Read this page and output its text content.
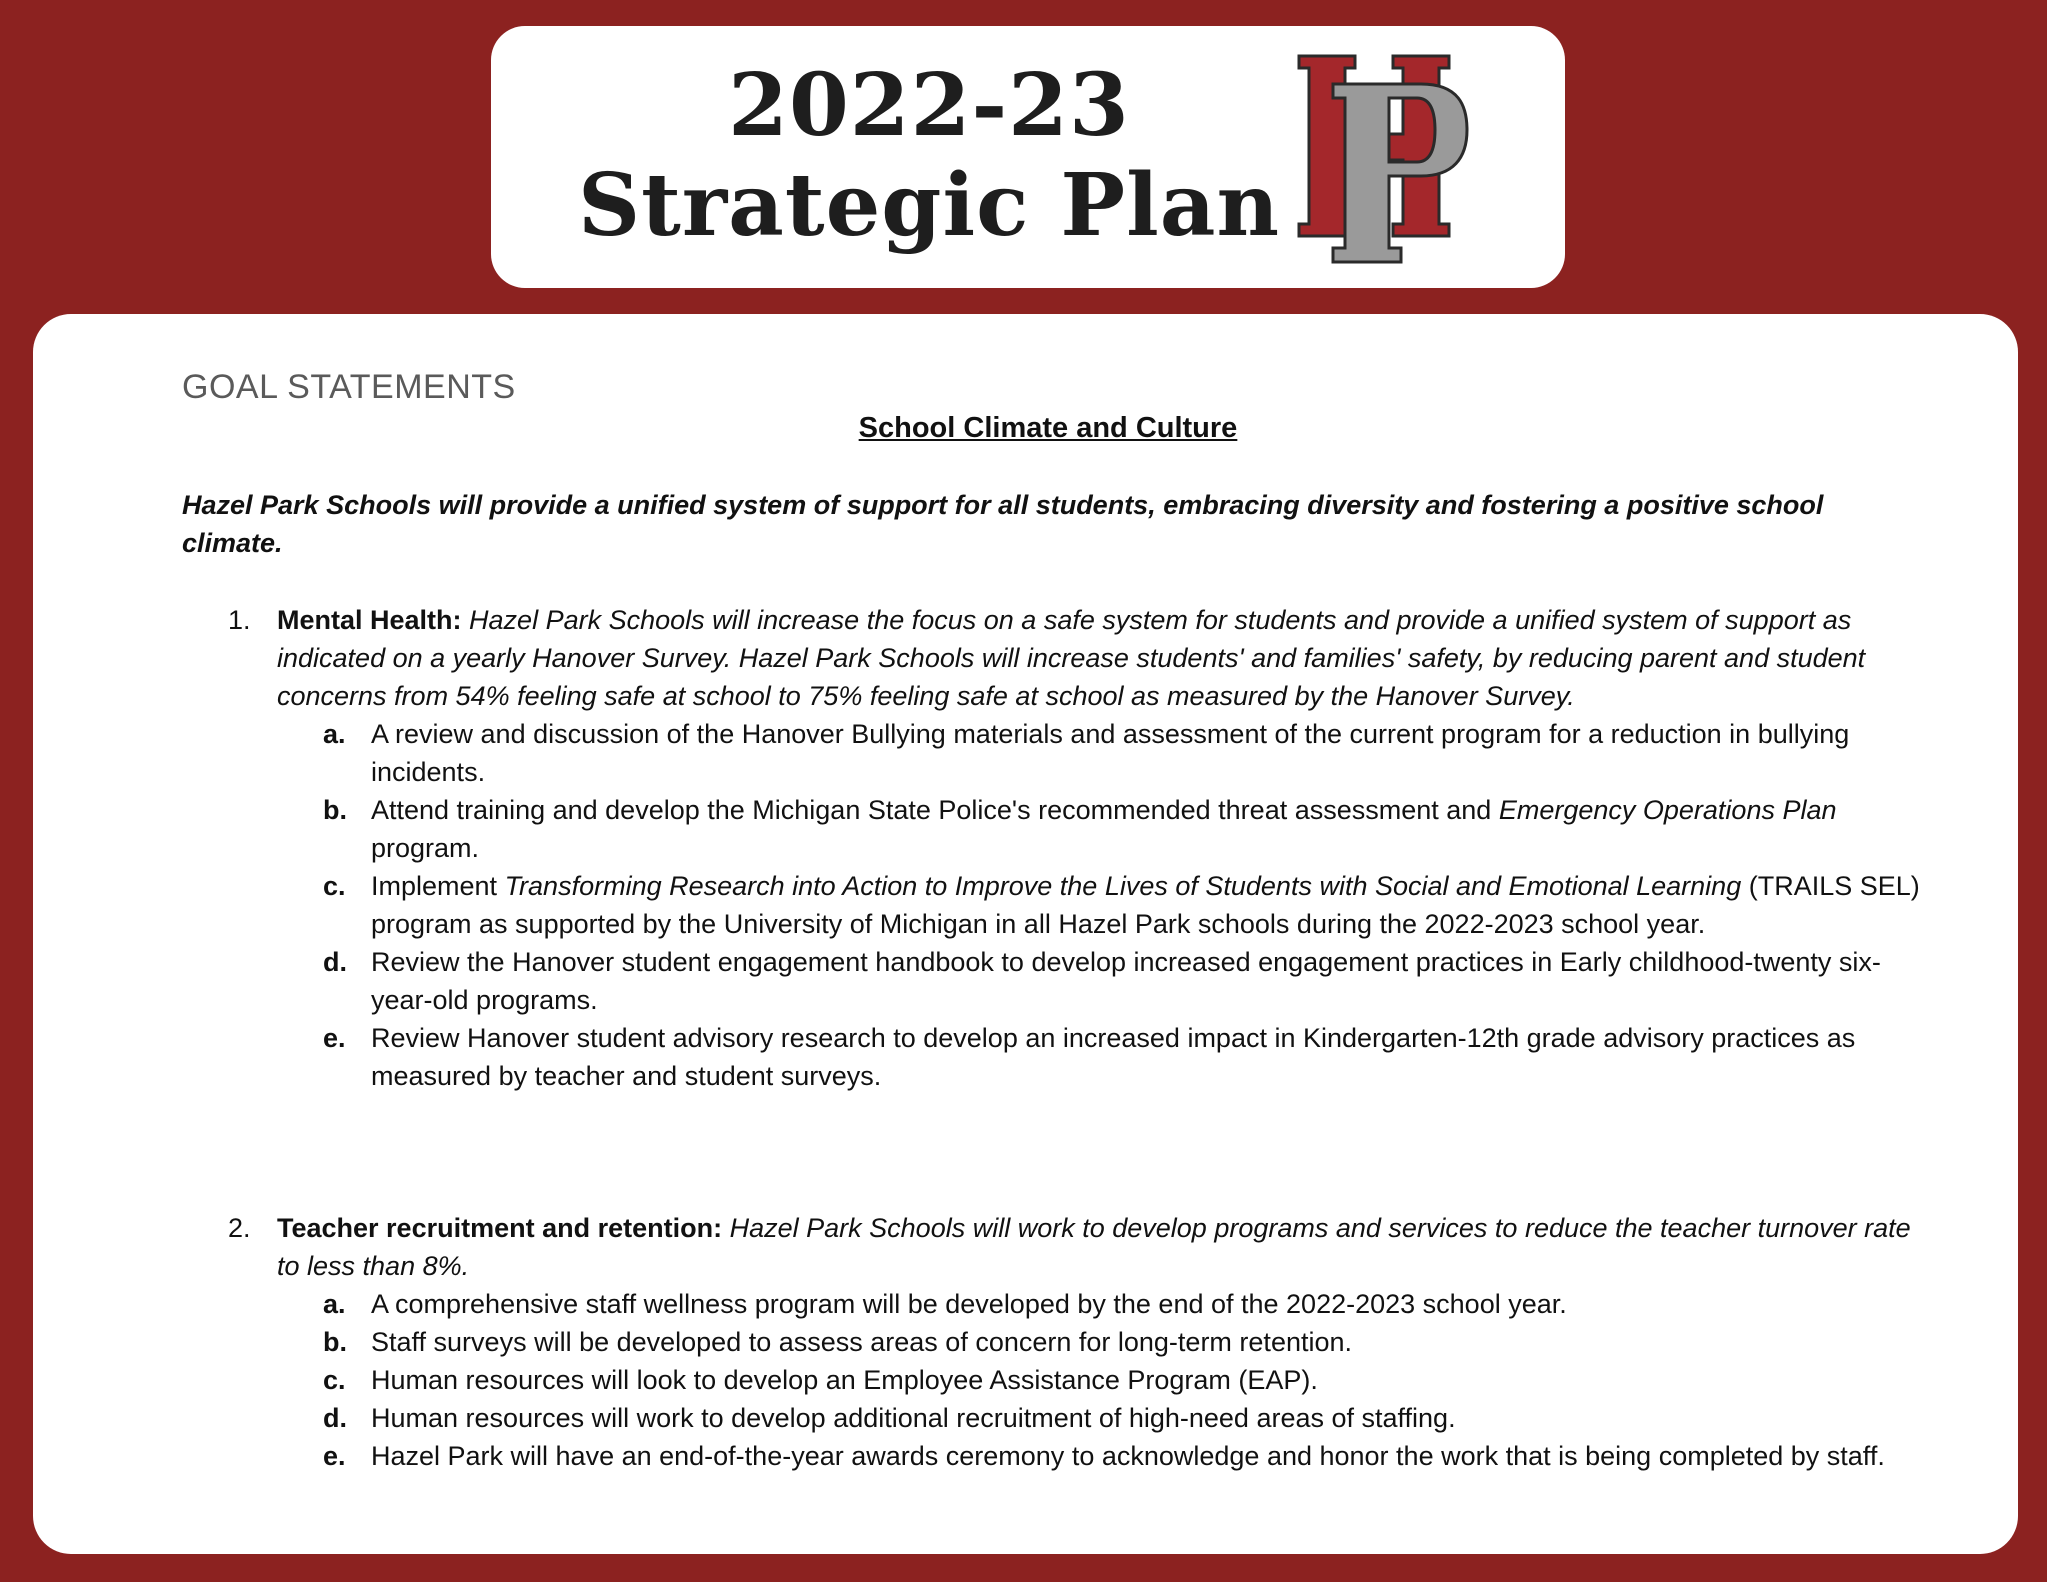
2022-23
Strategic Plan
GOAL STATEMENTS
School Climate and Culture
Hazel Park Schools will provide a unified system of support for all students, embracing diversity and fostering a positive school climate.
1. Mental Health: Hazel Park Schools will increase the focus on a safe system for students and provide a unified system of support as indicated on a yearly Hanover Survey. Hazel Park Schools will increase students' and families' safety, by reducing parent and student concerns from 54% feeling safe at school to 75% feeling safe at school as measured by the Hanover Survey.
a. A review and discussion of the Hanover Bullying materials and assessment of the current program for a reduction in bullying incidents.
b. Attend training and develop the Michigan State Police's recommended threat assessment and Emergency Operations Plan program.
c. Implement Transforming Research into Action to Improve the Lives of Students with Social and Emotional Learning (TRAILS SEL) program as supported by the University of Michigan in all Hazel Park schools during the 2022-2023 school year.
d. Review the Hanover student engagement handbook to develop increased engagement practices in Early childhood-twenty six-year-old programs.
e. Review Hanover student advisory research to develop an increased impact in Kindergarten-12th grade advisory practices as measured by teacher and student surveys.
2. Teacher recruitment and retention: Hazel Park Schools will work to develop programs and services to reduce the teacher turnover rate to less than 8%.
a. A comprehensive staff wellness program will be developed by the end of the 2022-2023 school year.
b. Staff surveys will be developed to assess areas of concern for long-term retention.
c. Human resources will look to develop an Employee Assistance Program (EAP).
d. Human resources will work to develop additional recruitment of high-need areas of staffing.
e. Hazel Park will have an end-of-the-year awards ceremony to acknowledge and honor the work that is being completed by staff.
